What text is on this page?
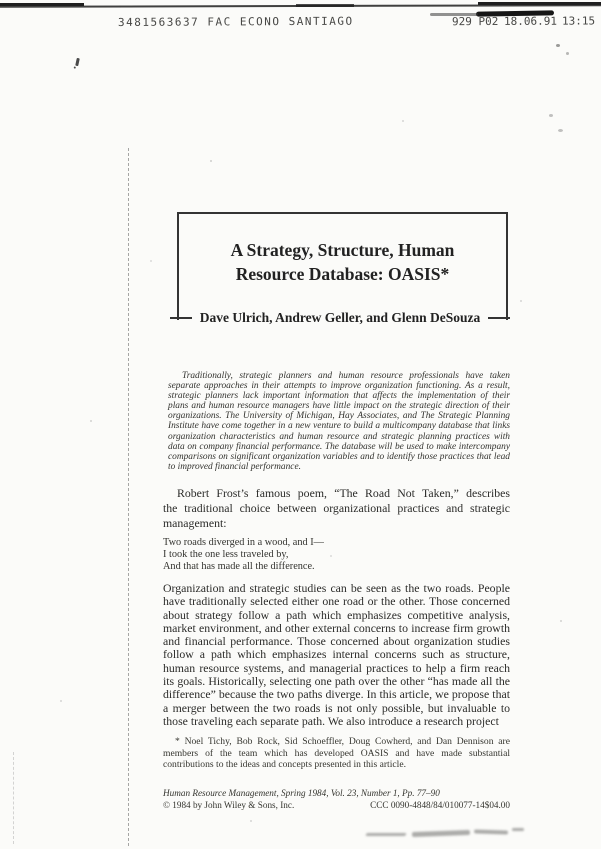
3481563637 FAC ECONO SANTIAGO	929 P02 18.06.91 13:15
A Strategy, Structure, Human
Resource Database: OASIS*
Dave Ulrich, Andrew Geller, and Glenn DeSouza
Traditionally, strategic planners and human resource professionals have taken separate approaches in their attempts to improve organization functioning. As a result, strategic planners lack important information that affects the implementation of their plans and human resource managers have little impact on the strategic direction of their organizations. The University of Michigan, Hay Associates, and The Strategic Planning Institute have come together in a new venture to build a multicompany database that links organization characteristics and human resource and strategic planning practices with data on company financial performance. The database will be used to make intercompany comparisons on significant organization variables and to identify those practices that lead to improved financial performance.
Robert Frost’s famous poem, “The Road Not Taken,” describes the traditional choice between organizational practices and strategic management:
Two roads diverged in a wood, and I—
I took the one less traveled by,
And that has made all the difference.
Organization and strategic studies can be seen as the two roads. People have traditionally selected either one road or the other. Those concerned about strategy follow a path which emphasizes competitive analysis, market environment, and other external concerns to increase firm growth and financial performance. Those concerned about organization studies follow a path which emphasizes internal concerns such as structure, human resource systems, and managerial practices to help a firm reach its goals. Historically, selecting one path over the other “has made all the difference” because the two paths diverge. In this article, we propose that a merger between the two roads is not only possible, but invaluable to those traveling each separate path. We also introduce a research project
* Noel Tichy, Bob Rock, Sid Schoeffler, Doug Cowherd, and Dan Dennison are members of the team which has developed OASIS and have made substantial contributions to the ideas and concepts presented in this article.
Human Resource Management, Spring 1984, Vol. 23, Number 1, Pp. 77–90
© 1984 by John Wiley & Sons, Inc.	CCC 0090-4848/84/010077-14$04.00
